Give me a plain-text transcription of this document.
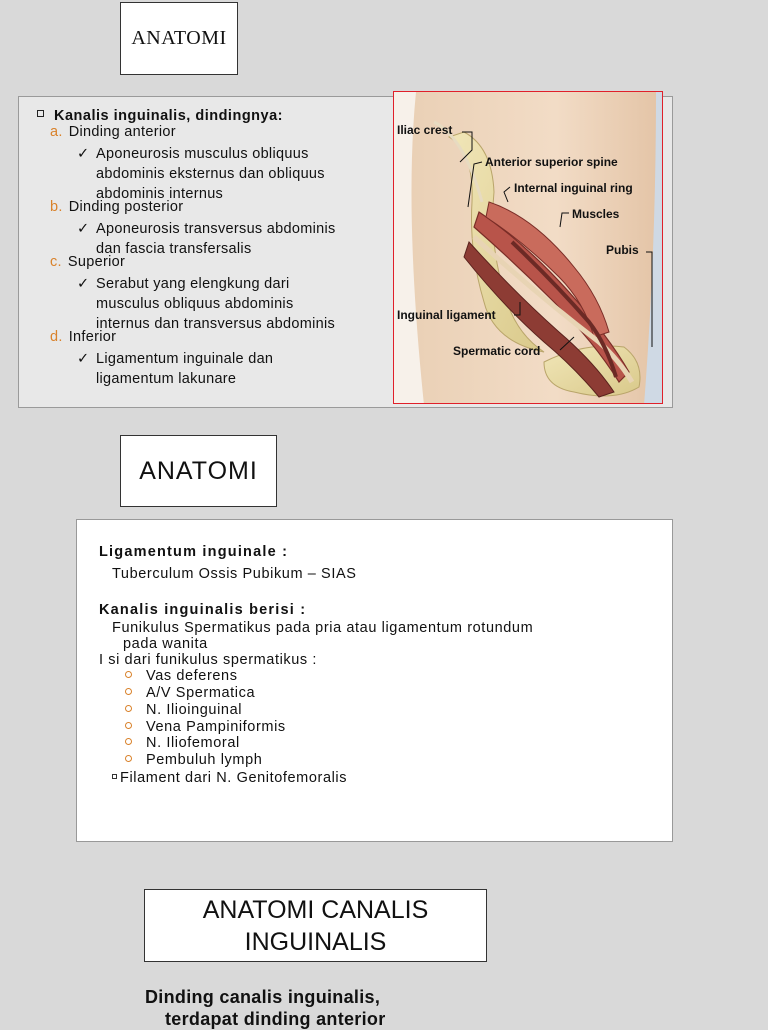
ANATOMI
Kanalis inguinalis, dindingnya:
a. Dinding anterior
✓ Aponeurosis musculus obliquus
abdominis eksternus dan obliquus
abdominis internus
b. Dinding posterior
✓ Aponeurosis transversus abdominis
dan fascia transfersalis
c. Superior
✓ Serabut yang elengkung dari
musculus obliquus abdominis
internus dan transversus abdominis
d. Inferior
✓ Ligamentum inguinale dan
ligamentum lakunare
Iliac crest
Anterior superior spine
Internal inguinal ring
Muscles
Pubis
Inguinal ligament
Spermatic cord
ANATOMI
Ligamentum inguinale :
Tuberculum Ossis Pubikum – SIAS
Kanalis inguinalis berisi :
Funikulus Spermatikus pada pria atau ligamentum rotundum
pada wanita
I si dari funikulus spermatikus :
Vas deferens
A/V Spermatica
N. Ilioinguinal
Vena Pampiniformis
N. Iliofemoral
Pembuluh lymph
Filament dari N. Genitofemoralis
ANATOMI CANALIS
INGUINALIS
Dinding canalis inguinalis,
terdapat dinding anterior
